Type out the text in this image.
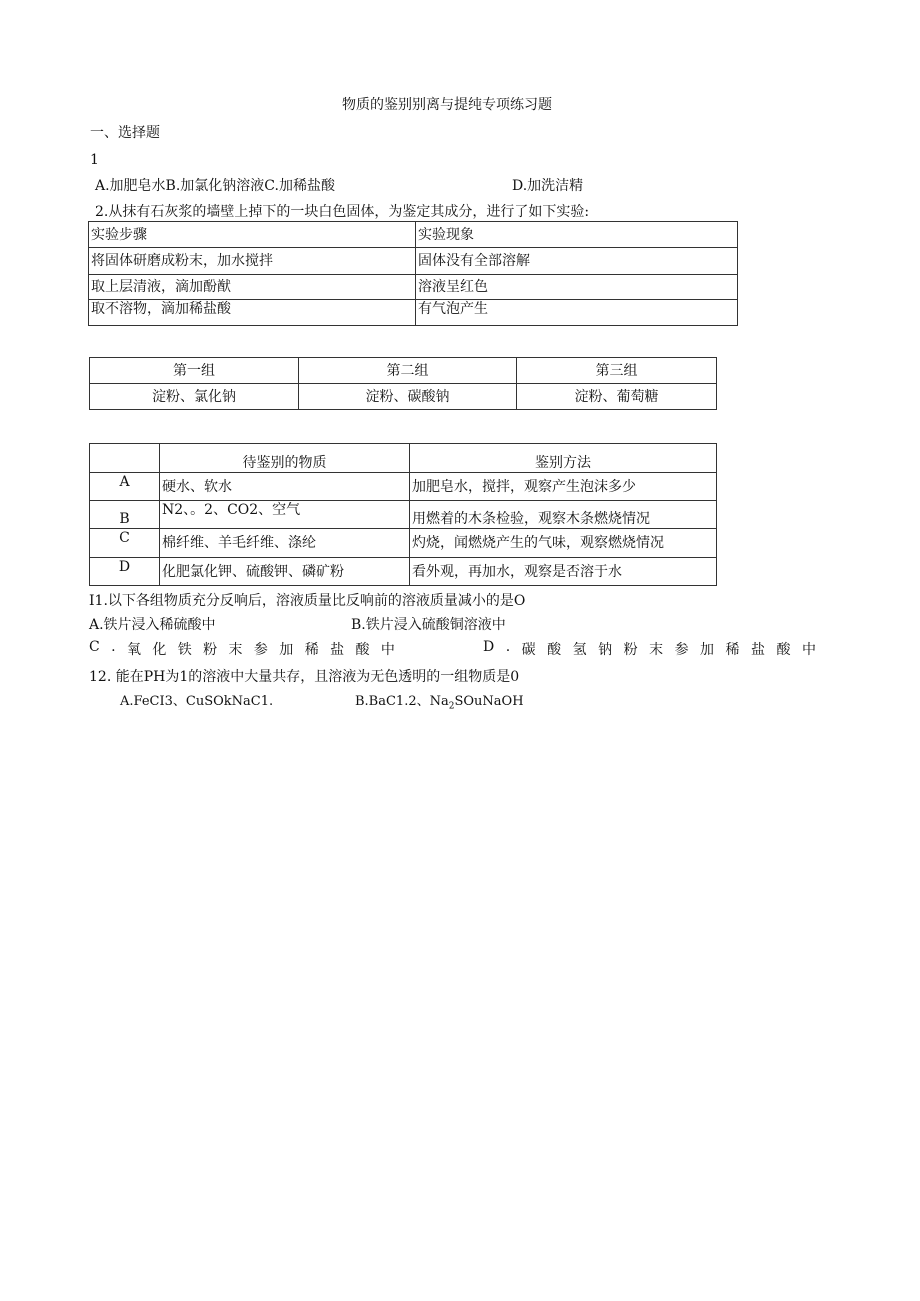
物质的鉴别别离与提纯专项练习题
一、选择题
1
A.加肥皂水B.加氯化钠溶液C.加稀盐酸	D.加洗洁精
2.从抹有石灰浆的墙壁上掉下的一块白色固体，为鉴定其成分，进行了如下实验:
实验步骤	实验现象
将固体研磨成粉末，加水搅拌	固体没有全部溶解
取上层清液，滴加酚猷	溶液呈红色
取不溶物，滴加稀盐酸	有气泡产生
第一组	第二组	第三组
淀粉、氯化钠	淀粉、碳酸钠	淀粉、葡萄糖
	待鉴别的物质	鉴别方法
A	硬水、软水	加肥皂水，搅拌，观察产生泡沫多少
B	N2、。2、CO2、空气	用燃着的木条检验，观察木条燃烧情况
C	棉纤维、羊毛纤维、涤纶	灼烧，闻燃烧产生的气味，观察燃烧情况
D	化肥氯化钾、硫酸钾、磷矿粉	看外观，再加水，观察是否溶于水
I1.以下各组物质充分反响后，溶液质量比反响前的溶液质量减小的是O
A.铁片浸入稀硫酸中	B.铁片浸入硫酸铜溶液中
C . 氧 化 铁 粉 末 参 加 稀 盐 酸 中	D . 碳 酸 氢 钠 粉 末 参 加 稀 盐 酸 中
12. 能在PH为1的溶液中大量共存，且溶液为无色透明的一组物质是0
A.FeCI3、CuSOkNaC1.	B.BaC1.2、$Na_2SOuNaOH$
